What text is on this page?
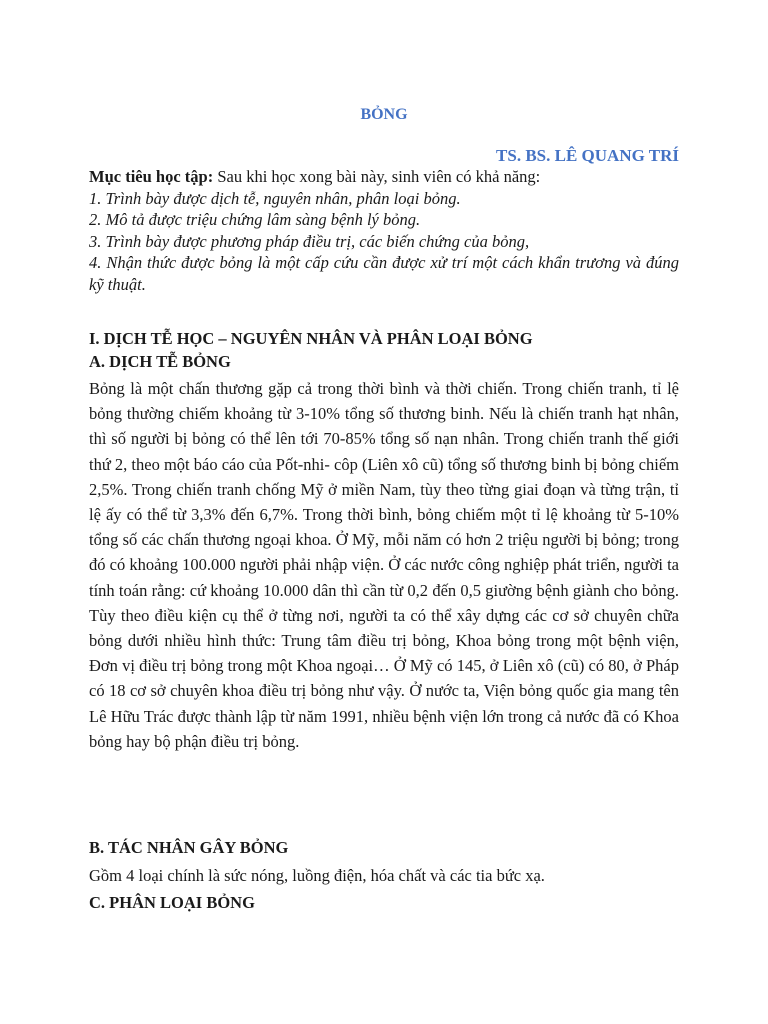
BỎNG
TS. BS. LÊ QUANG TRÍ
Mục tiêu học tập: Sau khi học xong bài này, sinh viên có khả năng:
1. Trình bày được dịch tễ, nguyên nhân, phân loại bỏng.
2. Mô tả được triệu chứng lâm sàng bệnh lý bỏng.
3. Trình bày được phương pháp điều trị, các biến chứng của bỏng,
4. Nhận thức được bỏng là một cấp cứu cần được xử trí một cách khẩn trương và đúng kỹ thuật.
I. DỊCH TỄ HỌC – NGUYÊN NHÂN VÀ PHÂN LOẠI BỎNG
A. DỊCH TỄ BỎNG
Bỏng là một chấn thương gặp cả trong thời bình và thời chiến. Trong chiến tranh, tỉ lệ bỏng thường chiếm khoảng từ 3-10% tổng số thương binh. Nếu là chiến tranh hạt nhân, thì số người bị bỏng có thể lên tới 70-85% tổng số nạn nhân. Trong chiến tranh thế giới thứ 2, theo một báo cáo của Pốt-nhi- côp (Liên xô cũ) tổng số thương binh bị bỏng chiếm 2,5%. Trong chiến tranh chống Mỹ ở miền Nam, tùy theo từng giai đoạn và từng trận, tỉ lệ ấy có thể từ 3,3% đến 6,7%. Trong thời bình, bỏng chiếm một tỉ lệ khoảng từ 5-10% tổng số các chấn thương ngoại khoa. Ở Mỹ, mỗi năm có hơn 2 triệu người bị bỏng; trong đó có khoảng 100.000 người phải nhập viện. Ở các nước công nghiệp phát triển, người ta tính toán rằng: cứ khoảng 10.000 dân thì cần từ 0,2 đến 0,5 giường bệnh giành cho bỏng. Tùy theo điều kiện cụ thể ở từng nơi, người ta có thể xây dựng các cơ sở chuyên chữa bỏng dưới nhiều hình thức: Trung tâm điều trị bỏng, Khoa bỏng trong một bệnh viện, Đơn vị điều trị bỏng trong một Khoa ngoại… Ở Mỹ có 145, ở Liên xô (cũ) có 80, ở Pháp có 18 cơ sở chuyên khoa điều trị bỏng như vậy. Ở nước ta, Viện bỏng quốc gia mang tên Lê Hữu Trác được thành lập từ năm 1991, nhiều bệnh viện lớn trong cả nước đã có Khoa bỏng hay bộ phận điều trị bỏng.
B. TÁC NHÂN GÂY BỎNG
Gồm 4 loại chính là sức nóng, luồng điện, hóa chất và các tia bức xạ.
C. PHÂN LOẠI BỎNG
